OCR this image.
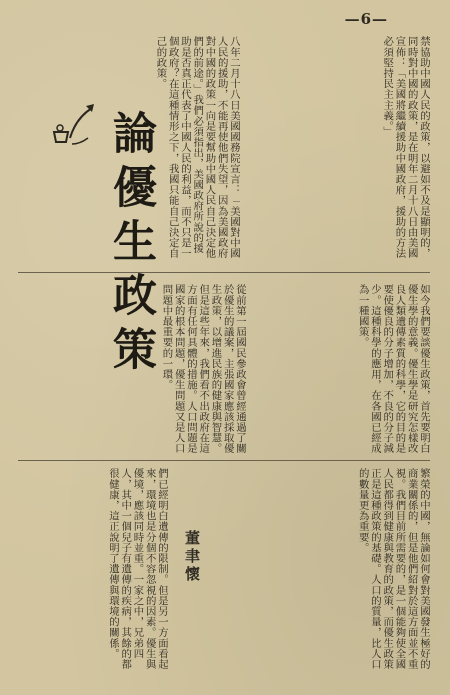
—6—
禁協助中國人民的政策，以避如不及是顯明的，同時對中國的政策，是在明年二月十八日由美國宣佈：「美國將繼續援助中國政府，援助的方法必須堅持民主主義。」
八年二月十八日美國國務院宣言：「美國對中國人民的援助，不能再使他們失望，因為美國政府對中國的政策一向是要幫助中國人民自己決定他們的前途。」我們必須指出，美國政府所說的援助是否真正代表了中國人民的利益，而不只是一個政府？在這種情形之下，我國只能自己決定自己的政策。
如今我們要談優生政策，首先要明白優生學的意義。優生學是研究怎樣改良人類遺傳素質的科學，它的目的是要使優良的分子增加，不良的分子減少。這種科學的應用，在各國已經成為一種國策。
從前第一屆國民參政會曾經通過了關於優生的議案，主張國家應該採取優生政策，以增進民族的健康與智慧。但是這些年來，我們看不出政府在這方面有任何具體的措施。人口問題是國家的根本問題，優生問題又是人口問題中最重要的一環。
繁榮的中國，無論如何會對美國發生極好的商業關係的，但是他們紹對於這方面並不重視。我們目前所需要的，是一個能夠使全國人民都得到健康與教育的政策，而優生政策正是這種政策的基礎。人口的質量，比人口的數量更為重要。
們已經明白遺傳的限制。但是另一方面看起來，環境也是分個不容忽視的因素。優生與優境，應該同時並重。一家之中，兄弟四人，其中一個兒子有遺傳的疾病，其餘的都很健康，這正說明了遺傳與環境的關係。
論優生政策
董聿懷
